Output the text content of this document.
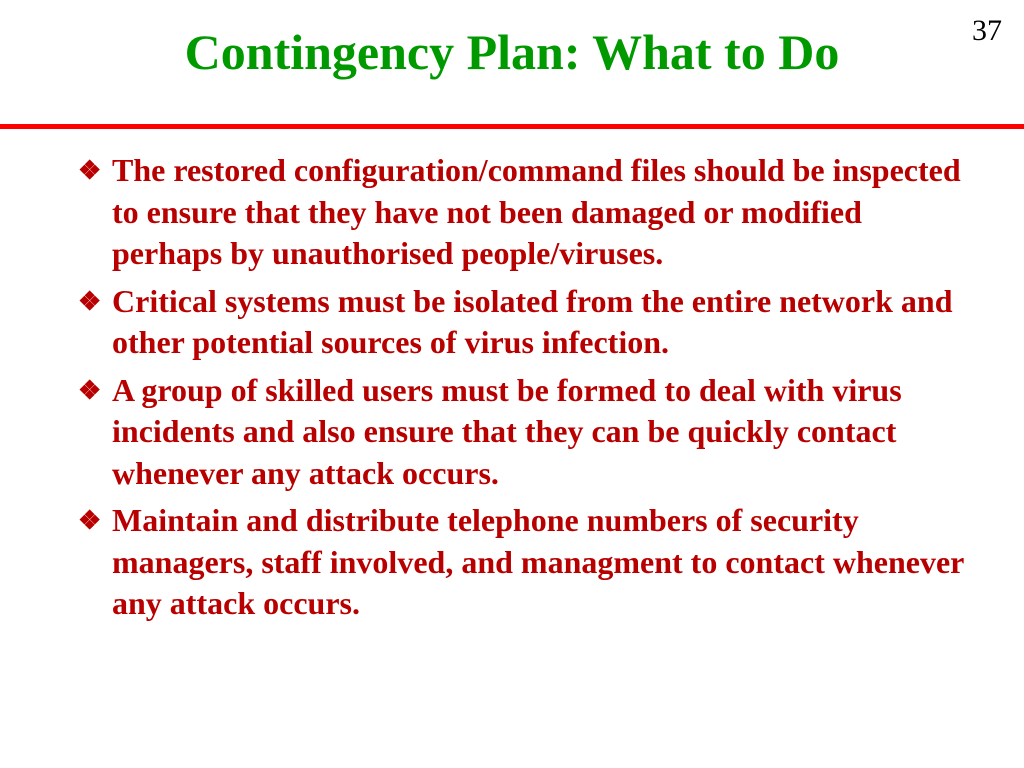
37
Contingency Plan: What to Do
❖ The restored configuration/command files should be inspected to ensure that they have not been damaged or modified perhaps by unauthorised people/viruses.
❖ Critical systems must be isolated from the entire network and other potential sources of virus infection.
❖ A group of skilled users must be formed to deal with virus incidents and also ensure that they can be quickly contact whenever any attack occurs.
❖ Maintain and distribute telephone numbers of security managers, staff involved, and managment to contact whenever any attack occurs.
